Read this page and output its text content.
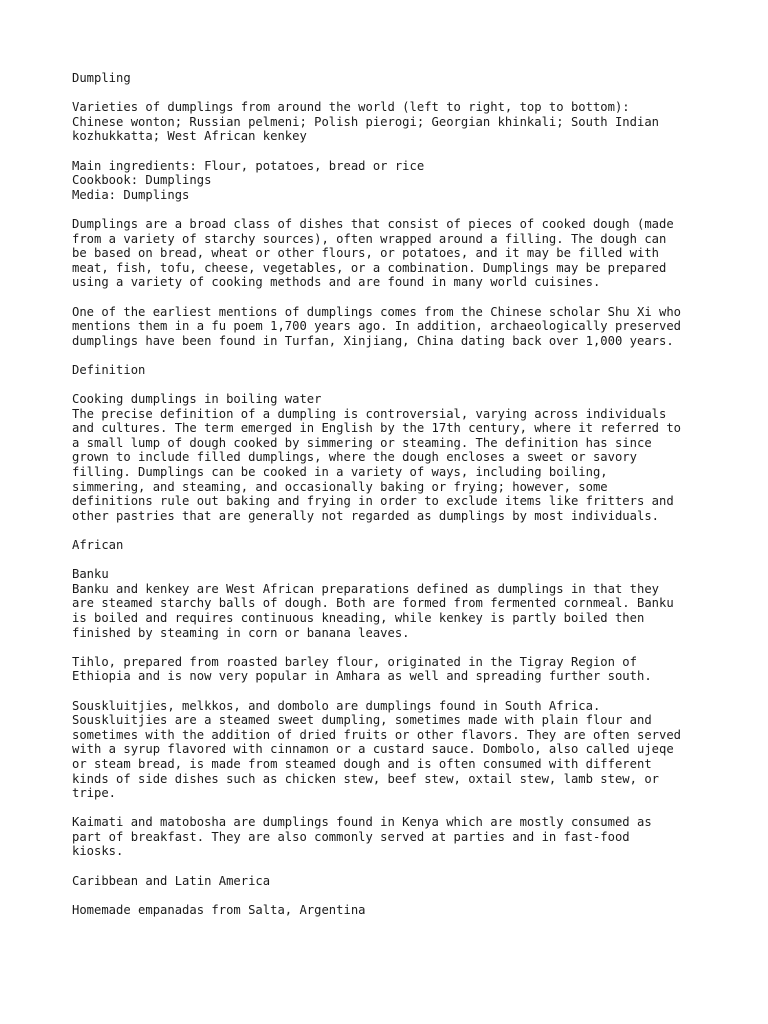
Dumpling
Varieties of dumplings from around the world (left to right, top to bottom):
Chinese wonton; Russian pelmeni; Polish pierogi; Georgian khinkali; South Indian
kozhukkatta; West African kenkey
Main ingredients: Flour, potatoes, bread or rice
Cookbook: Dumplings
Media: Dumplings
Dumplings are a broad class of dishes that consist of pieces of cooked dough (made
from a variety of starchy sources), often wrapped around a filling. The dough can
be based on bread, wheat or other flours, or potatoes, and it may be filled with
meat, fish, tofu, cheese, vegetables, or a combination. Dumplings may be prepared
using a variety of cooking methods and are found in many world cuisines.
One of the earliest mentions of dumplings comes from the Chinese scholar Shu Xi who
mentions them in a fu poem 1,700 years ago. In addition, archaeologically preserved
dumplings have been found in Turfan, Xinjiang, China dating back over 1,000 years.
Definition
Cooking dumplings in boiling water
The precise definition of a dumpling is controversial, varying across individuals
and cultures. The term emerged in English by the 17th century, where it referred to
a small lump of dough cooked by simmering or steaming. The definition has since
grown to include filled dumplings, where the dough encloses a sweet or savory
filling. Dumplings can be cooked in a variety of ways, including boiling,
simmering, and steaming, and occasionally baking or frying; however, some
definitions rule out baking and frying in order to exclude items like fritters and
other pastries that are generally not regarded as dumplings by most individuals.
African
Banku
Banku and kenkey are West African preparations defined as dumplings in that they
are steamed starchy balls of dough. Both are formed from fermented cornmeal. Banku
is boiled and requires continuous kneading, while kenkey is partly boiled then
finished by steaming in corn or banana leaves.
Tihlo, prepared from roasted barley flour, originated in the Tigray Region of
Ethiopia and is now very popular in Amhara as well and spreading further south.
Souskluitjies, melkkos, and dombolo are dumplings found in South Africa.
Souskluitjies are a steamed sweet dumpling, sometimes made with plain flour and
sometimes with the addition of dried fruits or other flavors. They are often served
with a syrup flavored with cinnamon or a custard sauce. Dombolo, also called ujeqe
or steam bread, is made from steamed dough and is often consumed with different
kinds of side dishes such as chicken stew, beef stew, oxtail stew, lamb stew, or
tripe.
Kaimati and matobosha are dumplings found in Kenya which are mostly consumed as
part of breakfast. They are also commonly served at parties and in fast-food
kiosks.
Caribbean and Latin America
Homemade empanadas from Salta, Argentina
